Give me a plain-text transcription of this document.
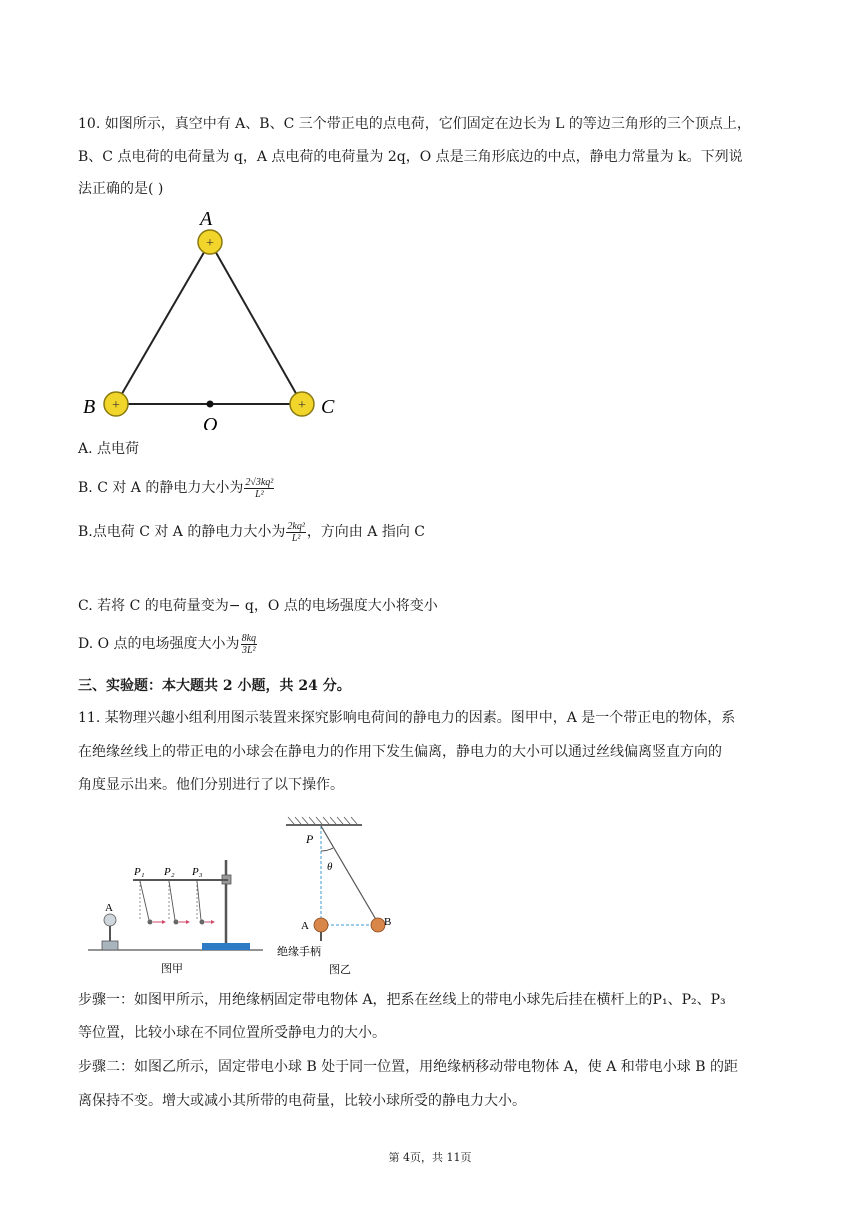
10. 如图所示，真空中有 A、B、C 三个带正电的点电荷，它们固定在边长为 L 的等边三角形的三个顶点上，

B、C 点电荷的电荷量为 q，A 点电荷的电荷量为 2q，O 点是三角形底边的中点，静电力常量为 k。下列说

法正确的是( )

+
+	+
A
B	C
O

A. 点电荷

B. C 对 A 的静电力大小为 $\frac{\text{2√3kq²}}{\text{L²}}$

B.点电荷 C 对 A 的静电力大小为 $\frac{\text{2kq²}}{\text{L²}}$ ，方向由 A 指向 C

C. 若将 C 的电荷量变为− q，O 点的电场强度大小将变小

D. O 点的电场强度大小为 $\frac{8kq}{\text{3L²}}$

三、实验题：本大题共 2 小题，共 24 分。

11. 某物理兴趣小组利用图示装置来探究影响电荷间的静电力的因素。图甲中，A 是一个带正电的物体，系

在绝缘丝线上的带正电的小球会在静电力的作用下发生偏离，静电力的大小可以通过丝线偏离竖直方向的

角度显示出来。他们分别进行了以下操作。

A
P₁ P₂ P₃
图甲
P
θ
A	B
绝缘手柄
图乙

步骤一：如图甲所示，用绝缘柄固定带电物体 A，把系在丝线上的带电小球先后挂在横杆上的P₁、P₂、P₃

等位置，比较小球在不同位置所受静电力的大小。

步骤二：如图乙所示，固定带电小球 B 处于同一位置，用绝缘柄移动带电物体 A，使 A 和带电小球 B 的距

离保持不变。增大或减小其所带的电荷量，比较小球所受的静电力大小。

第 4页，共 11页
